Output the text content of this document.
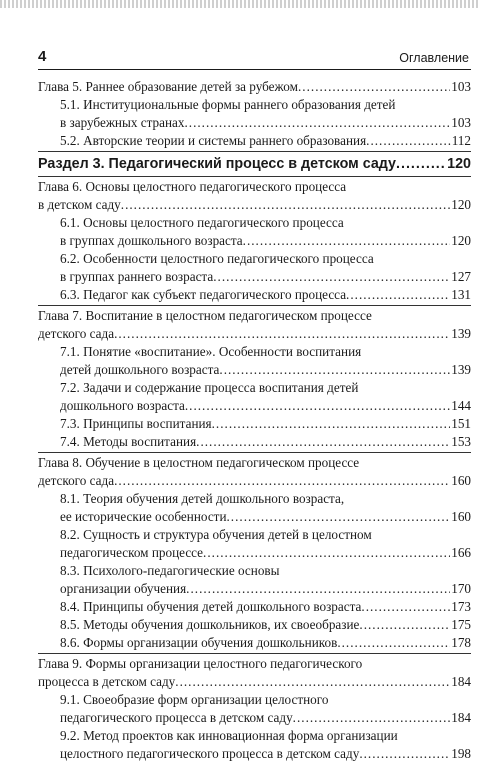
4	Оглавление
Глава 5. Раннее образование детей за рубежом .....	103
5.1. Институциональные формы раннего образования детей
в зарубежных странах .....	103
5.2. Авторские теории и системы раннего образования .....	112
Раздел 3. Педагогический процесс в детском саду .....	120
Глава 6. Основы целостного педагогического процесса
в детском саду .....	120
6.1. Основы целостного педагогического процесса
в группах дошкольного возраста .....	120
6.2. Особенности целостного педагогического процесса
в группах раннего возраста .....	127
6.3. Педагог как субъект педагогического процесса .....	131
Глава 7. Воспитание в целостном педагогическом процессе
детского сада .....	139
7.1. Понятие «воспитание». Особенности воспитания
детей дошкольного возраста .....	139
7.2. Задачи и содержание процесса воспитания детей
дошкольного возраста .....	144
7.3. Принципы воспитания .....	151
7.4. Методы воспитания .....	153
Глава 8. Обучение в целостном педагогическом процессе
детского сада .....	160
8.1. Теория обучения детей дошкольного возраста,
ее исторические особенности .....	160
8.2. Сущность и структура обучения детей в целостном
педагогическом процессе .....	166
8.3. Психолого-педагогические основы
организации обучения .....	170
8.4. Принципы обучения детей дошкольного возраста .....	173
8.5. Методы обучения дошкольников, их своеобразие .....	175
8.6. Формы организации обучения дошкольников .....	178
Глава 9. Формы организации целостного педагогического
процесса в детском саду .....	184
9.1. Своеобразие форм организации целостного
педагогического процесса в детском саду .....	184
9.2. Метод проектов как инновационная форма организации
целостного педагогического процесса в детском саду .....	198
